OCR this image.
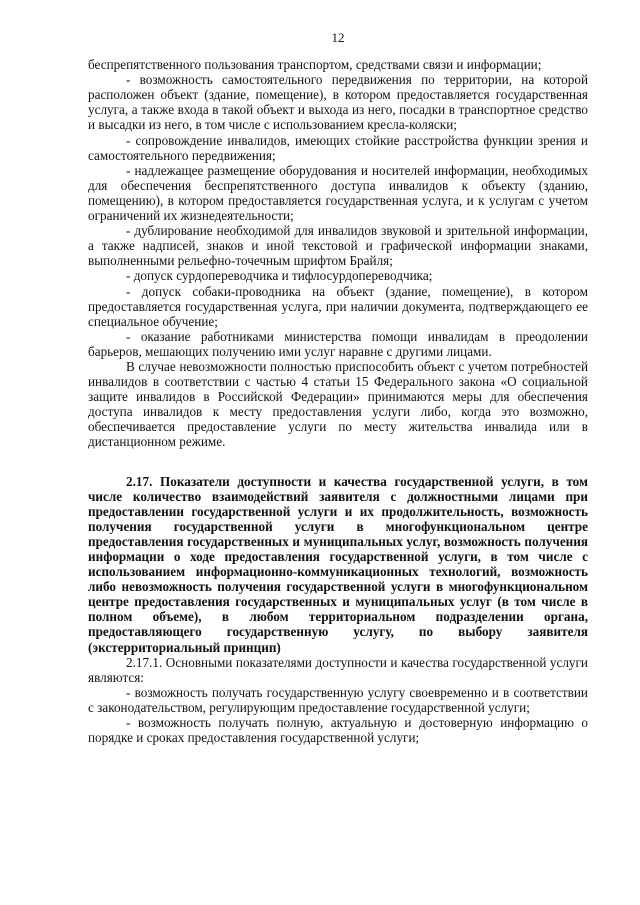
12

беспрепятственного пользования транспортом, средствами связи и информации;

- возможность самостоятельного передвижения по территории, на которой расположен объект (здание, помещение), в котором предоставляется государственная услуга, а также входа в такой объект и выхода из него, посадки в транспортное средство и высадки из него, в том числе с использованием кресла-коляски;

- сопровождение инвалидов, имеющих стойкие расстройства функции зрения и самостоятельного передвижения;

- надлежащее размещение оборудования и носителей информации, необходимых для обеспечения беспрепятственного доступа инвалидов к объекту (зданию, помещению), в котором предоставляется государственная услуга, и к услугам с учетом ограничений их жизнедеятельности;

- дублирование необходимой для инвалидов звуковой и зрительной информации, а также надписей, знаков и иной текстовой и графической информации знаками, выполненными рельефно-точечным шрифтом Брайля;

- допуск сурдопереводчика и тифлосурдопереводчика;

- допуск собаки-проводника на объект (здание, помещение), в котором предоставляется государственная услуга, при наличии документа, подтверждающего ее специальное обучение;

- оказание работниками министерства помощи инвалидам в преодолении барьеров, мешающих получению ими услуг наравне с другими лицами.

В случае невозможности полностью приспособить объект с учетом потребностей инвалидов в соответствии с частью 4 статьи 15 Федерального закона «О социальной защите инвалидов в Российской Федерации» принимаются меры для обеспечения доступа инвалидов к месту предоставления услуги либо, когда это возможно, обеспечивается предоставление услуги по месту жительства инвалида или в дистанционном режиме.

2.17. Показатели доступности и качества государственной услуги, в том числе количество взаимодействий заявителя с должностными лицами при предоставлении государственной услуги и их продолжительность, возможность получения государственной услуги в многофункциональном центре предоставления государственных и муниципальных услуг, возможность получения информации о ходе предоставления государственной услуги, в том числе с использованием информационно-коммуникационных технологий, возможность либо невозможность получения государственной услуги в многофункциональном центре предоставления государственных и муниципальных услуг (в том числе в полном объеме), в любом территориальном подразделении органа, предоставляющего государственную услугу, по выбору заявителя (экстерриториальный принцип)

2.17.1. Основными показателями доступности и качества государственной услуги являются:

- возможность получать государственную услугу своевременно и в соответствии с законодательством, регулирующим предоставление государственной услуги;

- возможность получать полную, актуальную и достоверную информацию о порядке и сроках предоставления государственной услуги;
